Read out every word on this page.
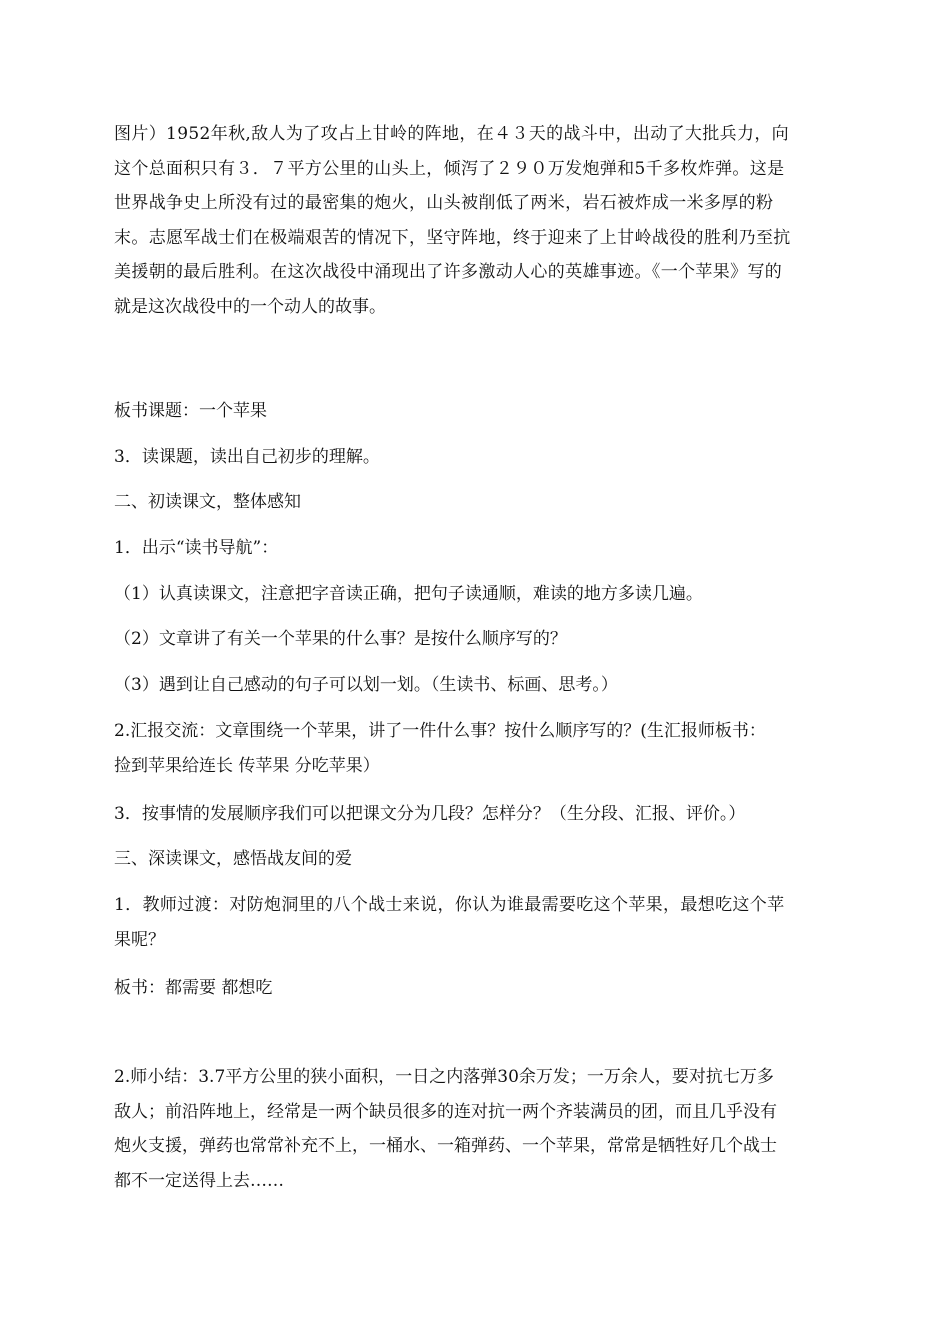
图片）1952年秋,敌人为了攻占上甘岭的阵地，在４３天的战斗中，出动了大批兵力，向
这个总面积只有３．７平方公里的山头上，倾泻了２９０万发炮弹和5千多枚炸弹。这是
世界战争史上所没有过的最密集的炮火，山头被削低了两米，岩石被炸成一米多厚的粉
末。志愿军战士们在极端艰苦的情况下，坚守阵地，终于迎来了上甘岭战役的胜利乃至抗
美援朝的最后胜利。在这次战役中涌现出了许多激动人心的英雄事迹。《一个苹果》写的
就是这次战役中的一个动人的故事。
板书课题：一个苹果
3．读课题，读出自己初步的理解。
二、初读课文，整体感知
1．出示“读书导航”：
（1）认真读课文，注意把字音读正确，把句子读通顺，难读的地方多读几遍。
（2）文章讲了有关一个苹果的什么事？是按什么顺序写的？
（3）遇到让自己感动的句子可以划一划。（生读书、标画、思考。）
2.汇报交流：文章围绕一个苹果，讲了一件什么事？按什么顺序写的？(生汇报师板书：
捡到苹果给连长 传苹果 分吃苹果）
3．按事情的发展顺序我们可以把课文分为几段？怎样分？（生分段、汇报、评价。）
三、深读课文，感悟战友间的爱
1．教师过渡：对防炮洞里的八个战士来说，你认为谁最需要吃这个苹果，最想吃这个苹
果呢？
板书：都需要 都想吃
2.师小结：3.7平方公里的狭小面积，一日之内落弹30余万发；一万余人，要对抗七万多
敌人；前沿阵地上，经常是一两个缺员很多的连对抗一两个齐装满员的团，而且几乎没有
炮火支援，弹药也常常补充不上，一桶水、一箱弹药、一个苹果，常常是牺牲好几个战士
都不一定送得上去……
